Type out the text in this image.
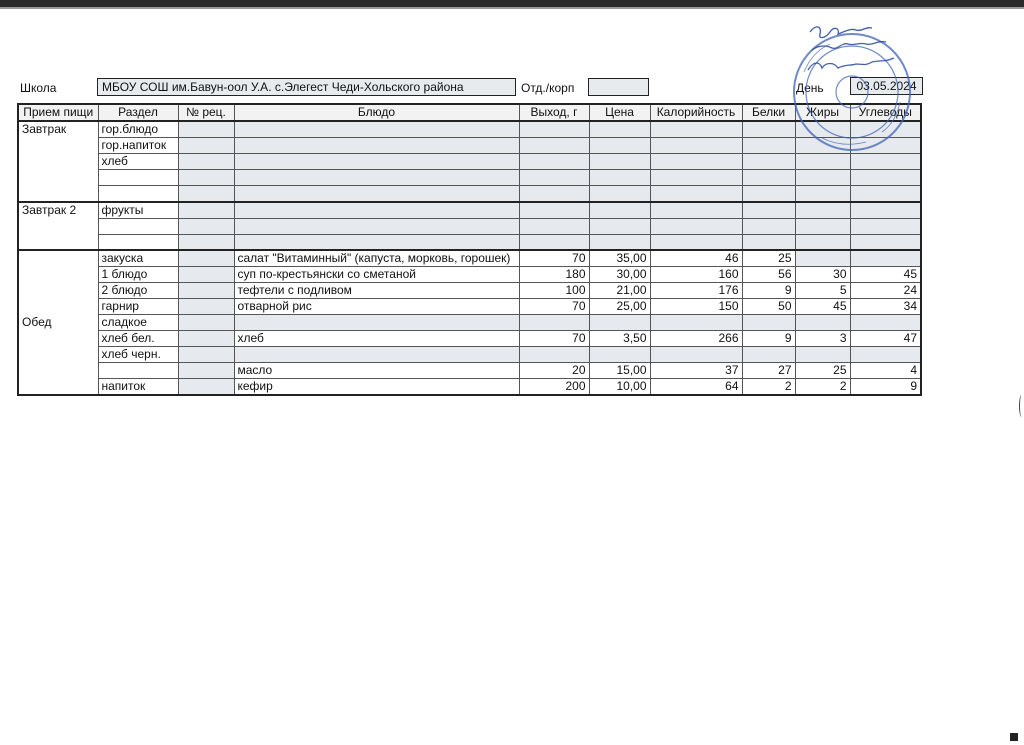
Школа	МБОУ СОШ им.Бавун-оол У.А. с.Элегест Чеди-Хольского района	Отд./корп	День	03.05.2024
Прием пищи	Раздел	№ рец.	Блюдо	Выход, г	Цена	Калорийность	Белки	Жиры	Углеводы
Завтрак	гор.блюдо								
	гор.напиток								
	хлеб								

Завтрак 2	фрукты								

Обед	закуска		салат "Витаминный" (капуста, морковь, горошек)	70	35,00	46	25		
	1 блюдо		суп по-крестьянски со сметаной	180	30,00	160	56	30	45
	2 блюдо		тефтели с подливом	100	21,00	176	9	5	24
	гарнир		отварной рис	70	25,00	150	50	45	34
	сладкое								
	хлеб бел.		хлеб	70	3,50	266	9	3	47
	хлеб черн.								
			масло	20	15,00	37	27	25	4
	напиток		кефир	200	10,00	64	2	2	9
